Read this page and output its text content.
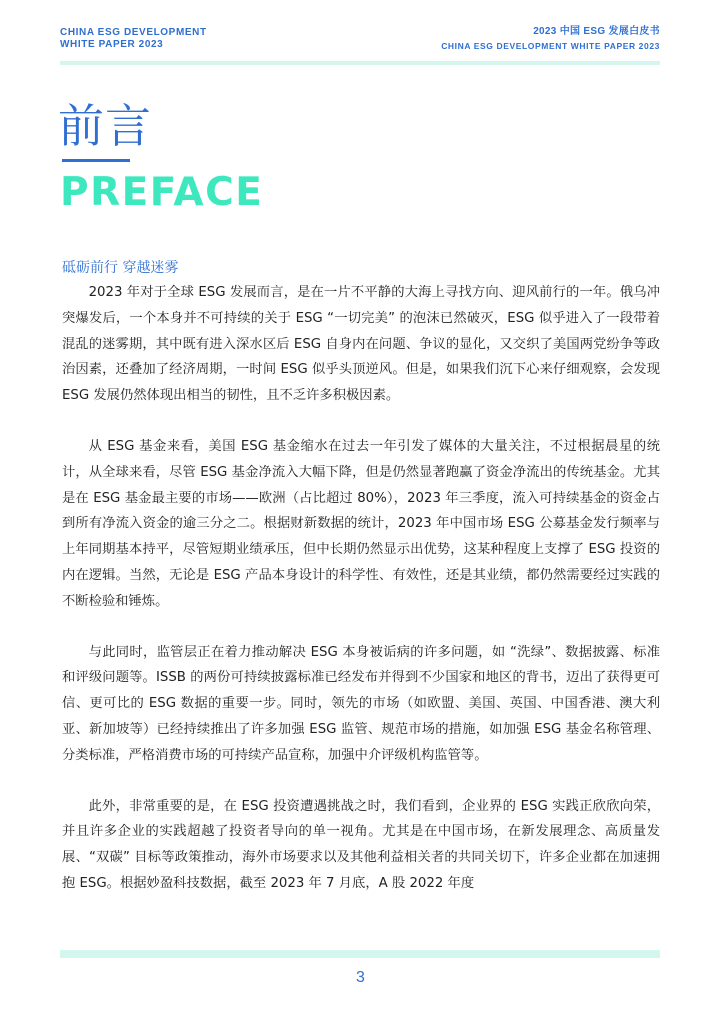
CHINA ESG DEVELOPMENT
WHITE PAPER 2023
2023 中国 ESG 发展白皮书
CHINA ESG DEVELOPMENT WHITE PAPER 2023
前言
PREFACE
砥砺前行 穿越迷雾

2023 年对于全球 ESG 发展而言，是在一片不平静的大海上寻找方向、迎风前行的一年。俄乌冲突爆发后，一个本身并不可持续的关于 ESG “一切完美” 的泡沫已然破灭，ESG 似乎进入了一段带着混乱的迷雾期，其中既有进入深水区后 ESG 自身内在问题、争议的显化，又交织了美国两党纷争等政治因素，还叠加了经济周期，一时间 ESG 似乎头顶逆风。但是，如果我们沉下心来仔细观察，会发现 ESG 发展仍然体现出相当的韧性，且不乏许多积极因素。

从 ESG 基金来看，美国 ESG 基金缩水在过去一年引发了媒体的大量关注，不过根据晨星的统计，从全球来看，尽管 ESG 基金净流入大幅下降，但是仍然显著跑赢了资金净流出的传统基金。尤其是在 ESG 基金最主要的市场——欧洲（占比超过 80%），2023 年三季度，流入可持续基金的资金占到所有净流入资金的逾三分之二。根据财新数据的统计，2023 年中国市场 ESG 公募基金发行频率与上年同期基本持平，尽管短期业绩承压，但中长期仍然显示出优势，这某种程度上支撑了 ESG 投资的内在逻辑。当然，无论是 ESG 产品本身设计的科学性、有效性，还是其业绩，都仍然需要经过实践的不断检验和锤炼。

与此同时，监管层正在着力推动解决 ESG 本身被诟病的许多问题，如 “洗绿”、数据披露、标准和评级问题等。ISSB 的两份可持续披露标准已经发布并得到不少国家和地区的背书，迈出了获得更可信、更可比的 ESG 数据的重要一步。同时，领先的市场（如欧盟、美国、英国、中国香港、澳大利亚、新加坡等）已经持续推出了许多加强 ESG 监管、规范市场的措施，如加强 ESG 基金名称管理、分类标准，严格消费市场的可持续产品宣称，加强中介评级机构监管等。

此外，非常重要的是，在 ESG 投资遭遇挑战之时，我们看到，企业界的 ESG 实践正欣欣向荣，并且许多企业的实践超越了投资者导向的单一视角。尤其是在中国市场，在新发展理念、高质量发展、“双碳” 目标等政策推动，海外市场要求以及其他利益相关者的共同关切下，许多企业都在加速拥抱 ESG。根据妙盈科技数据，截至 2023 年 7 月底，A 股 2022 年度

3
